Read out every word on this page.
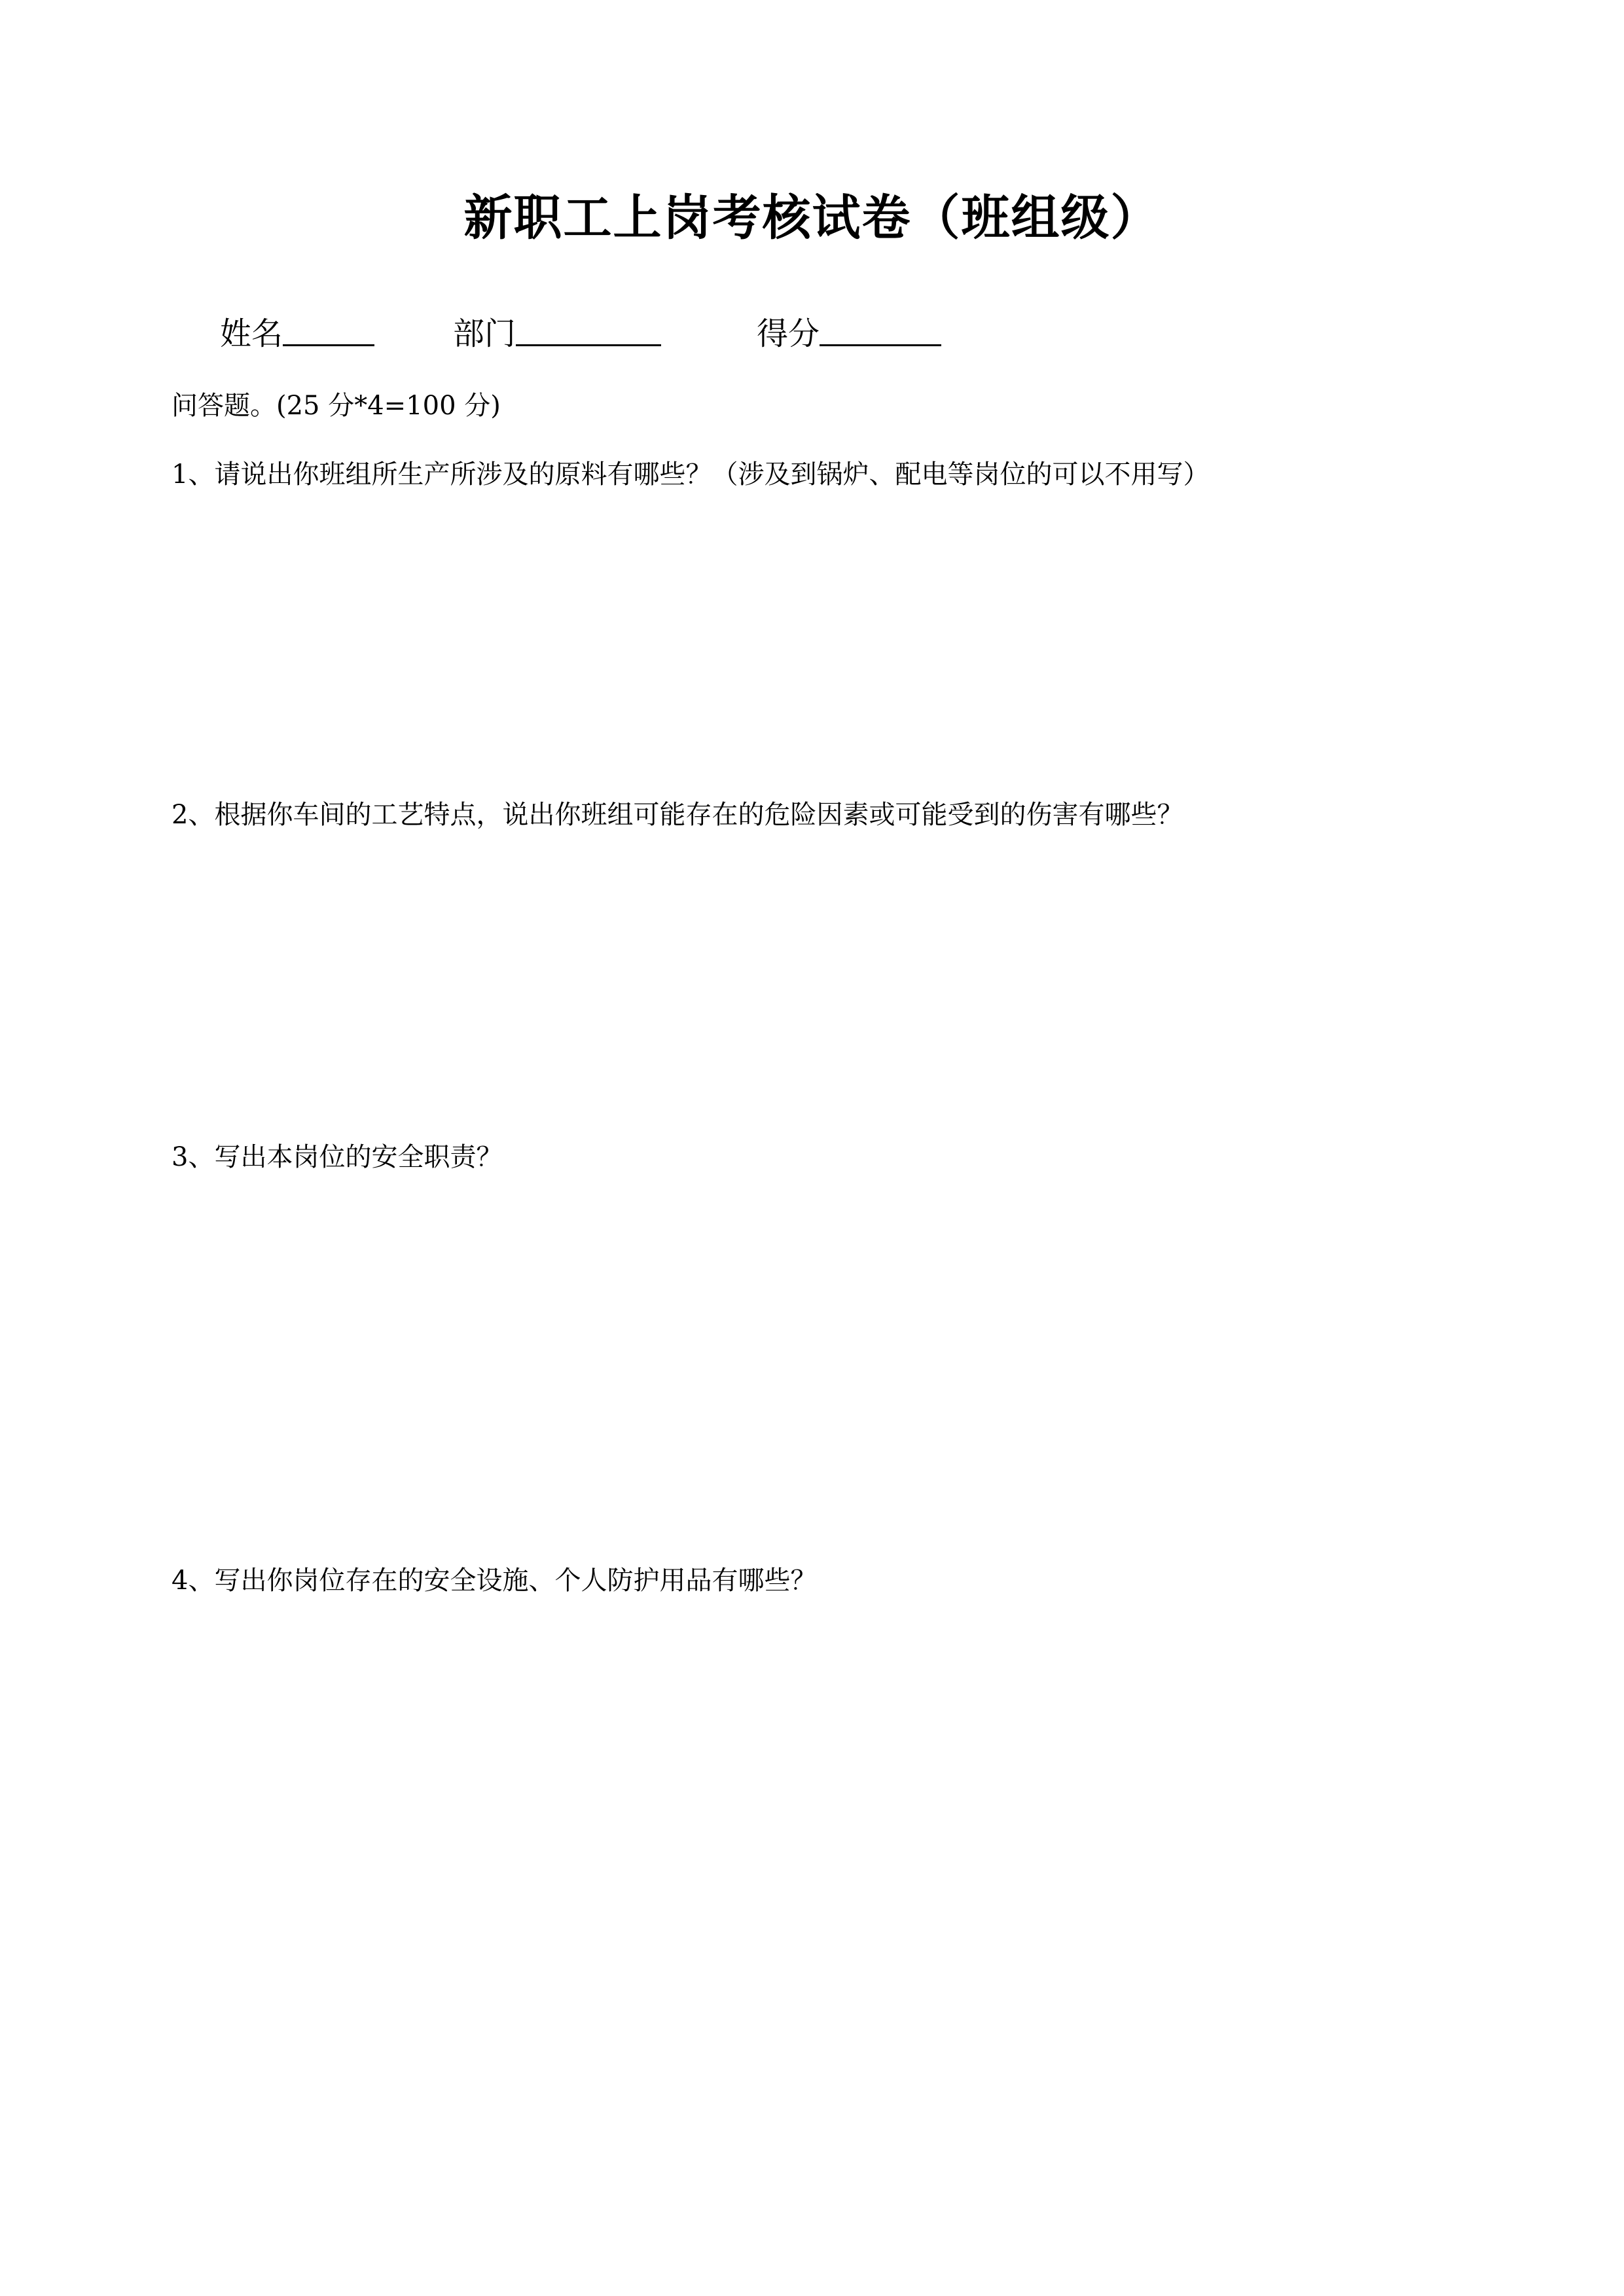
新职工上岗考核试卷（班组级）
姓名	部门	得分
问答题。(25 分*4=100 分)
1、请说出你班组所生产所涉及的原料有哪些？（涉及到锅炉、配电等岗位的可以不用写）
2、根据你车间的工艺特点，说出你班组可能存在的危险因素或可能受到的伤害有哪些？
3、写出本岗位的安全职责？
4、写出你岗位存在的安全设施、个人防护用品有哪些？
